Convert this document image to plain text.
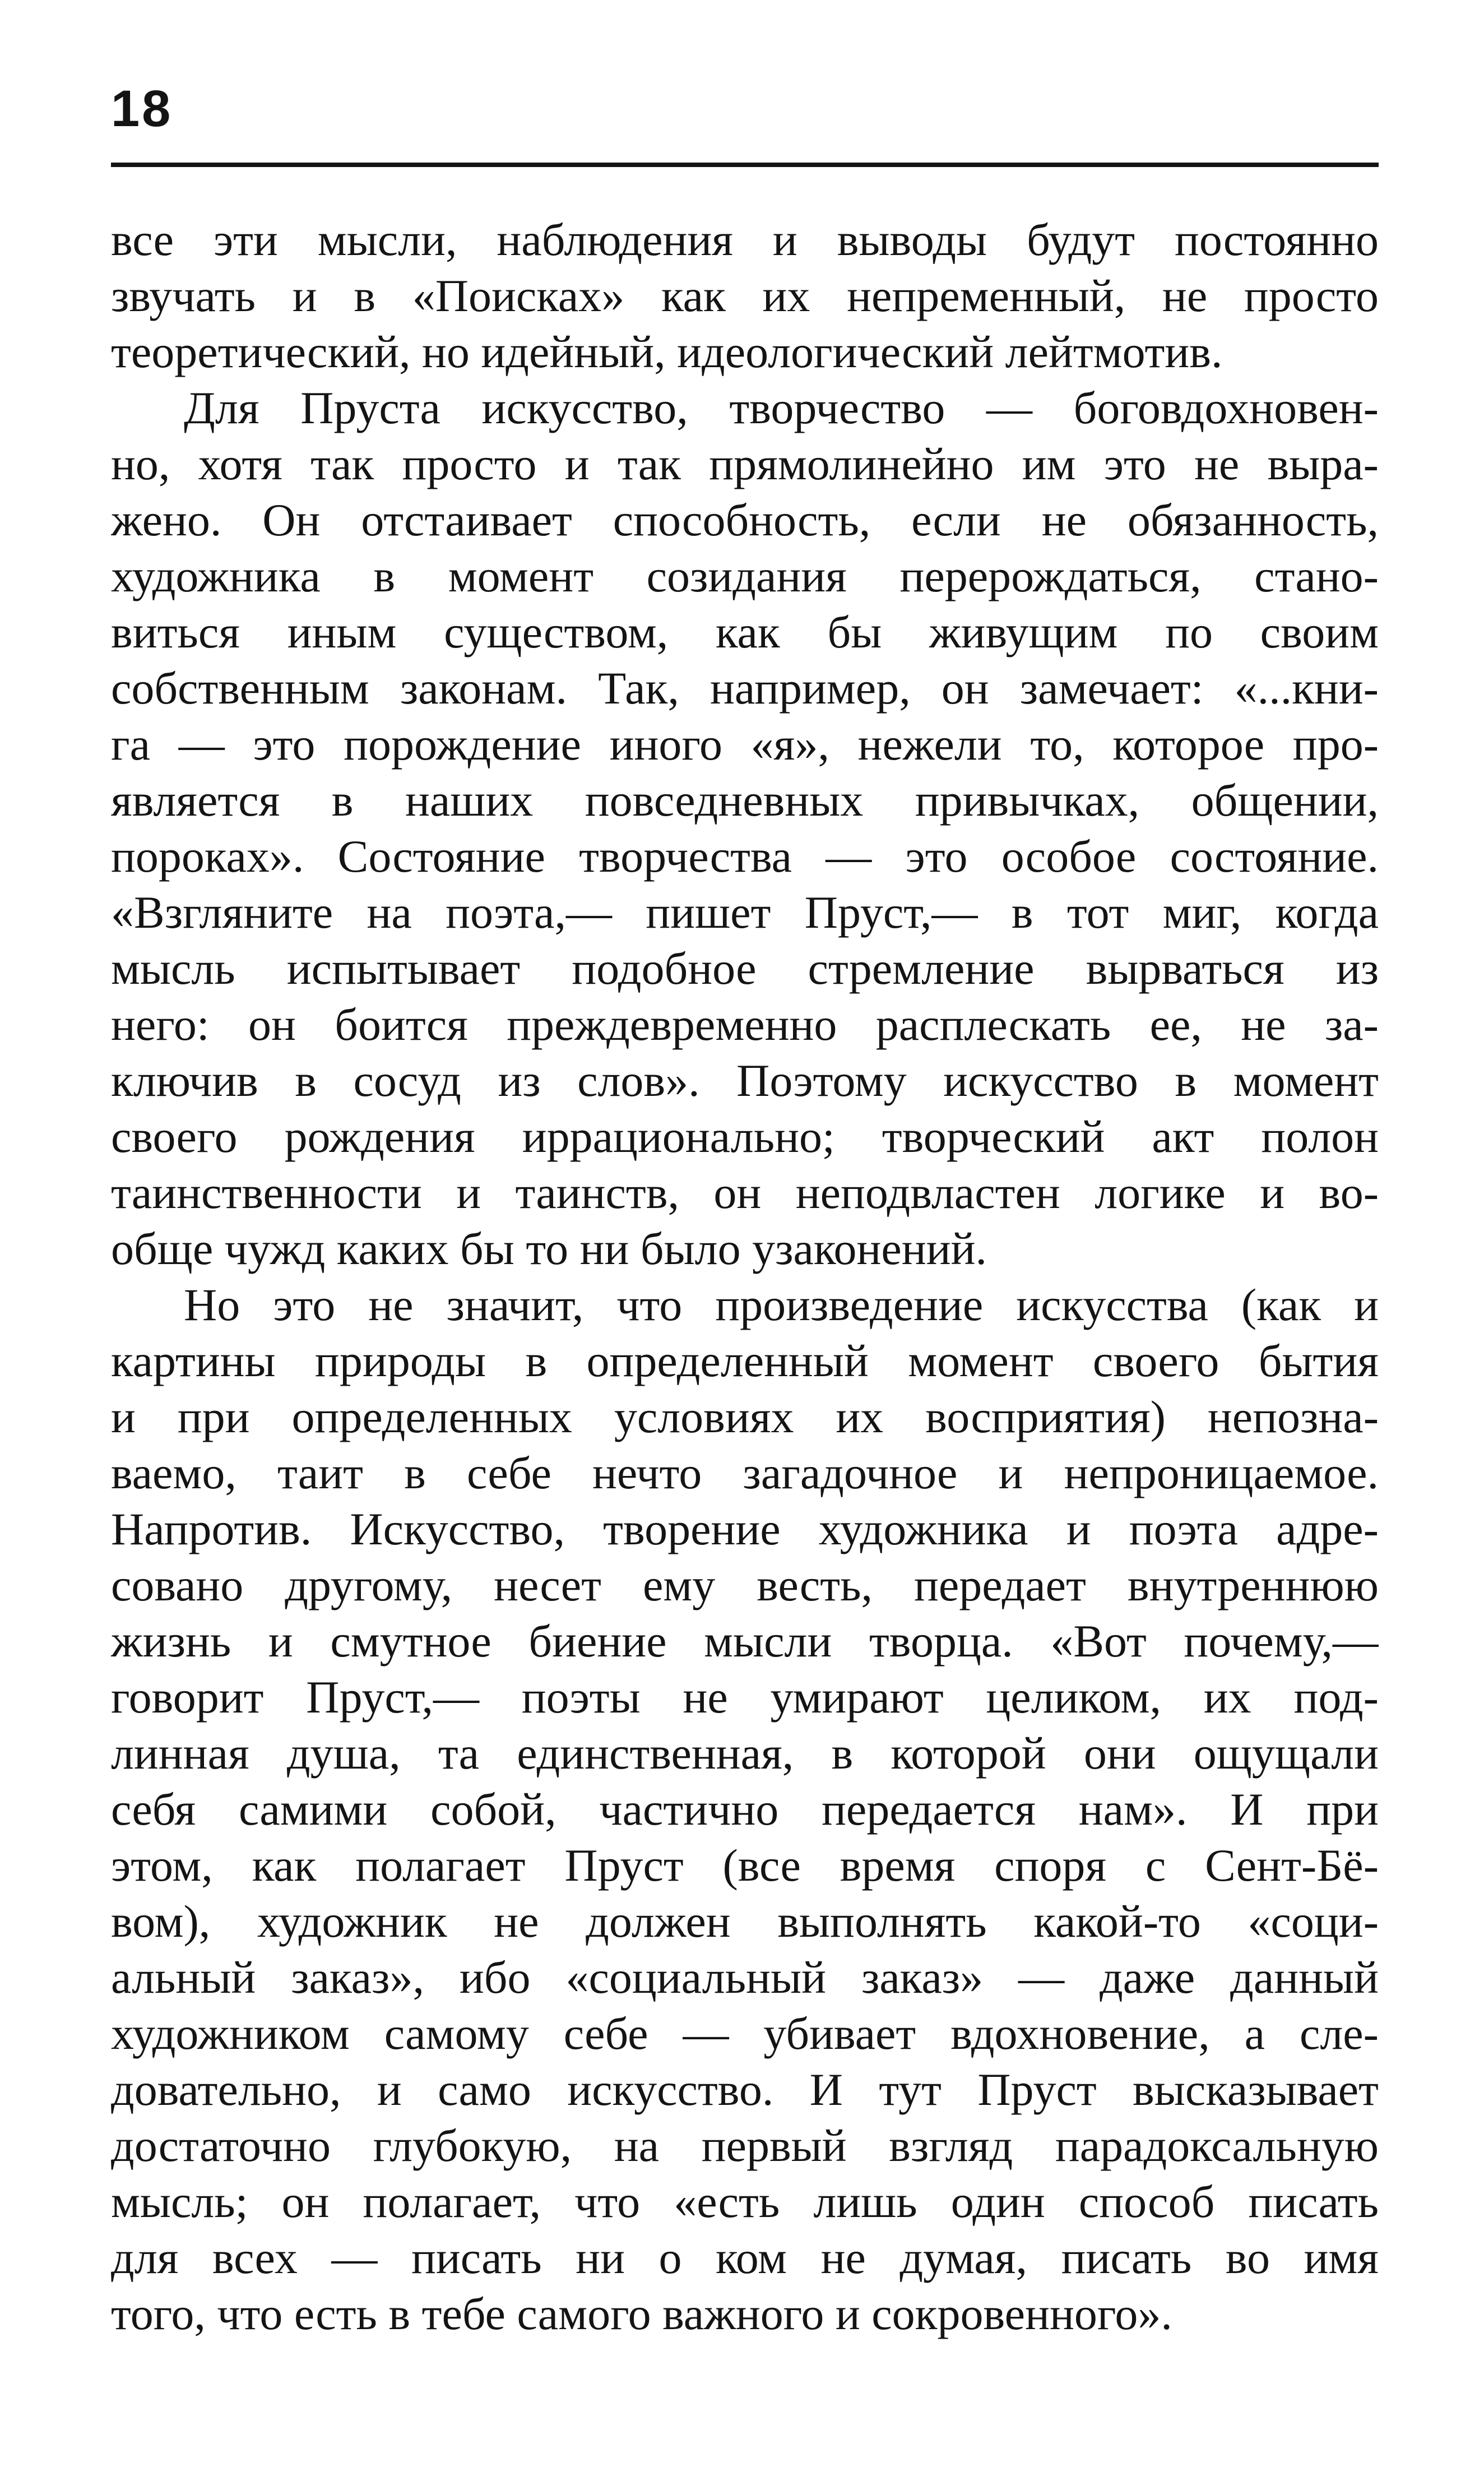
18
все эти мысли, наблюдения и выводы будут постоянно
звучать и в «Поисках» как их непременный, не просто
теоретический, но идейный, идеологический лейтмотив.
Для Пруста искусство, творчество — боговдохновен-
но, хотя так просто и так прямолинейно им это не выра-
жено. Он отстаивает способность, если не обязанность,
художника в момент созидания перерождаться, стано-
виться иным существом, как бы живущим по своим
собственным законам. Так, например, он замечает: «...кни-
га — это порождение иного «я», нежели то, которое про-
является в наших повседневных привычках, общении,
пороках». Состояние творчества — это особое состояние.
«Взгляните на поэта,— пишет Пруст,— в тот миг, когда
мысль испытывает подобное стремление вырваться из
него: он боится преждевременно расплескать ее, не за-
ключив в сосуд из слов». Поэтому искусство в момент
своего рождения иррационально; творческий акт полон
таинственности и таинств, он неподвластен логике и во-
обще чужд каких бы то ни было узаконений.
Но это не значит, что произведение искусства (как и
картины природы в определенный момент своего бытия
и при определенных условиях их восприятия) непозна-
ваемо, таит в себе нечто загадочное и непроницаемое.
Напротив. Искусство, творение художника и поэта адре-
совано другому, несет ему весть, передает внутреннюю
жизнь и смутное биение мысли творца. «Вот почему,—
говорит Пруст,— поэты не умирают целиком, их под-
линная душа, та единственная, в которой они ощущали
себя самими собой, частично передается нам». И при
этом, как полагает Пруст (все время споря с Сент-Бё-
вом), художник не должен выполнять какой-то «соци-
альный заказ», ибо «социальный заказ» — даже данный
художником самому себе — убивает вдохновение, а сле-
довательно, и само искусство. И тут Пруст высказывает
достаточно глубокую, на первый взгляд парадоксальную
мысль; он полагает, что «есть лишь один способ писать
для всех — писать ни о ком не думая, писать во имя
того, что есть в тебе самого важного и сокровенного».
